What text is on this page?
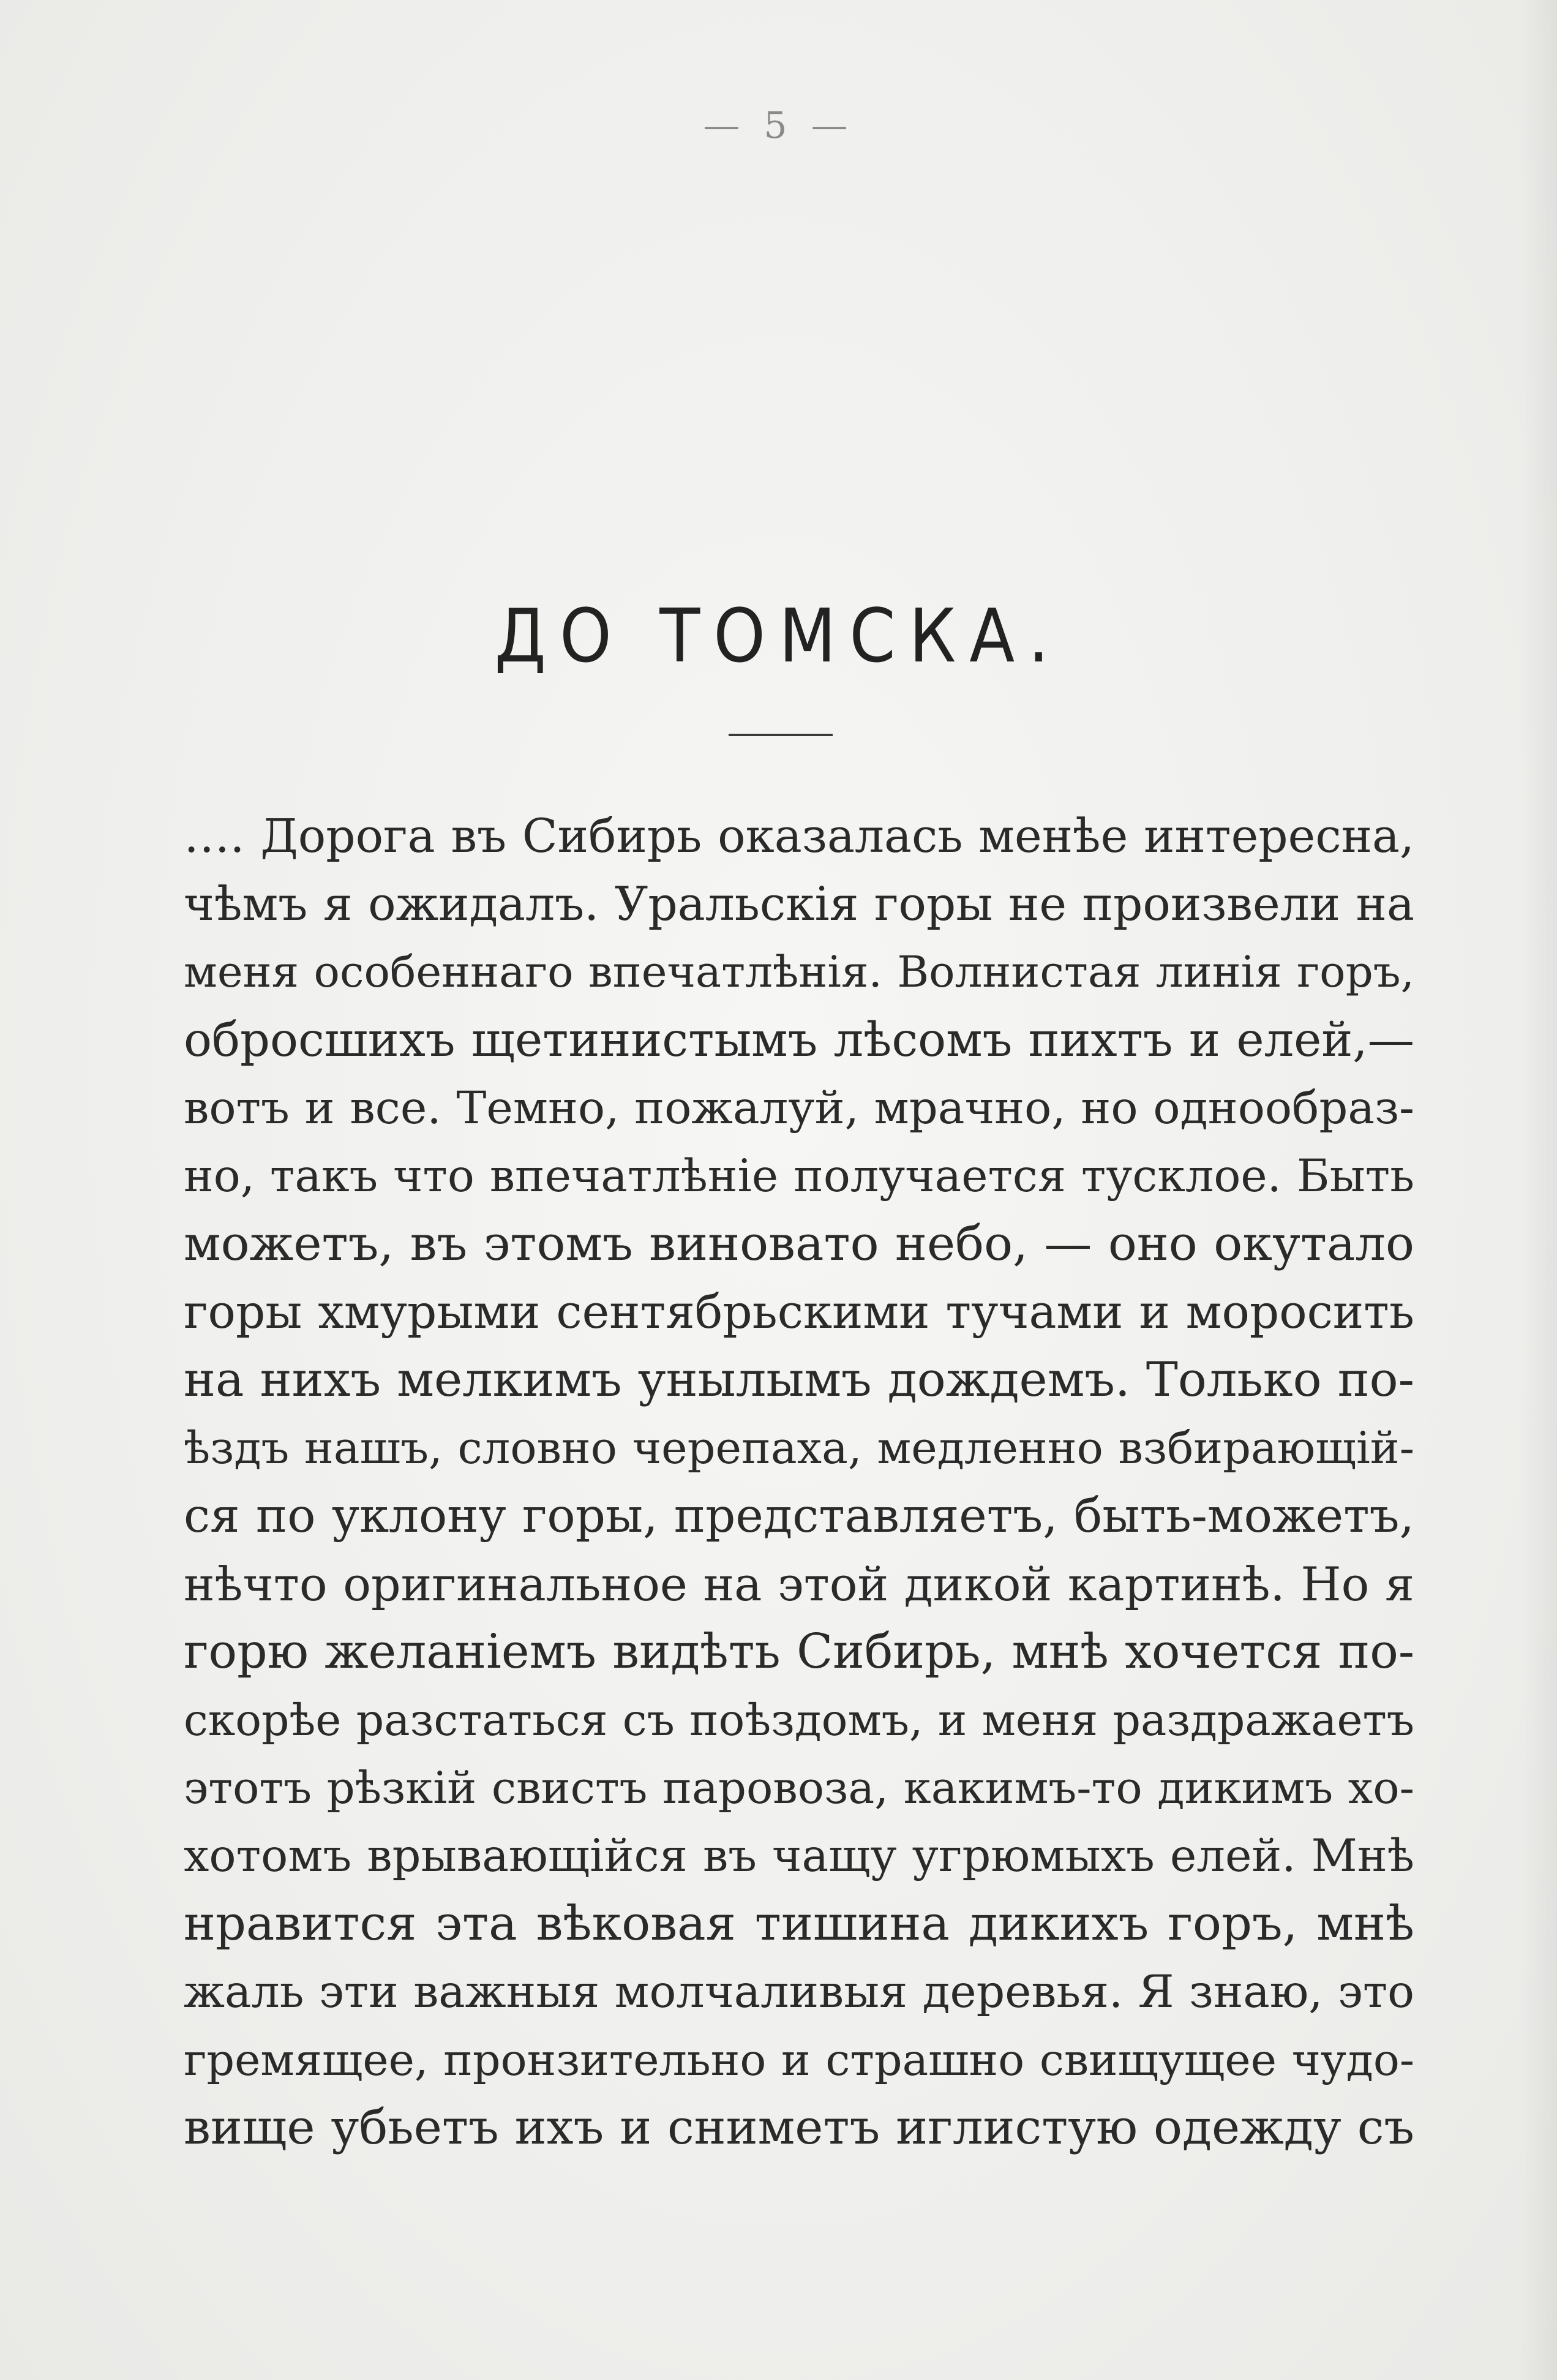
— 5 —
ДО ТОМСКА.
…. Дорога въ Сибирь оказалась менѣе интересна,
чѣмъ я ожидалъ. Уральскія горы не произвели на
меня особеннаго впечатлѣнія. Волнистая линія горъ,
обросшихъ щетинистымъ лѣсомъ пихтъ и елей,—
вотъ и все. Темно, пожалуй, мрачно, но однообраз-
но, такъ что впечатлѣніе получается тусклое. Быть
можетъ, въ этомъ виновато небо, — оно окутало
горы хмурыми сентябрьскими тучами и моросить
на нихъ мелкимъ унылымъ дождемъ. Только по-
ѣздъ нашъ, словно черепаха, медленно взбирающій-
ся по уклону горы, представляетъ, быть-можетъ,
нѣчто оригинальное на этой дикой картинѣ. Но я
горю желаніемъ видѣть Сибирь, мнѣ хочется по-
скорѣе разстаться съ поѣздомъ, и меня раздражаетъ
этотъ рѣзкій свистъ паровоза, какимъ-то дикимъ хо-
хотомъ врывающійся въ чащу угрюмыхъ елей. Мнѣ
нравится эта вѣковая тишина дикихъ горъ, мнѣ
жаль эти важныя молчаливыя деревья. Я знаю, это
гремящее, пронзительно и страшно свищущее чудо-
вище убьетъ ихъ и сниметъ иглистую одежду съ
